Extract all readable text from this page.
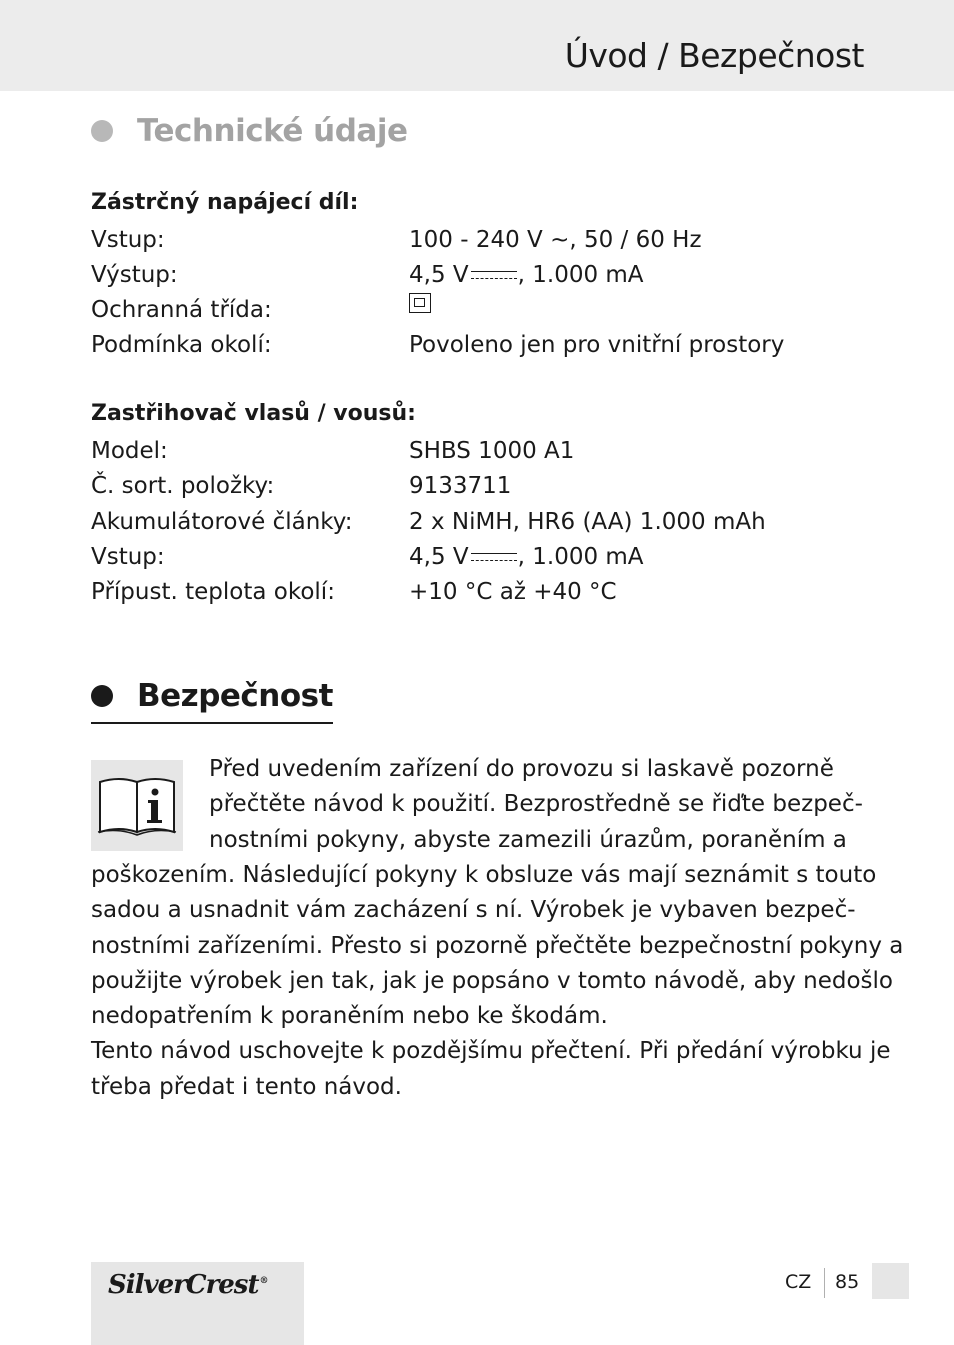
Úvod / Bezpečnost
Technické údaje
Zástrčný napájecí díl:
Vstup:	100 - 240 V ~, 50 / 60 Hz
Výstup:	4,5 V , 1.000 mA
Ochranná třída:
Podmínka okolí:	Povoleno jen pro vnitřní prostory
Zastřihovač vlasů / vousů:
Model:	SHBS 1000 A1
Č. sort. položky:	9133711
Akumulátorové články: 2 x NiMH, HR6 (AA) 1.000 mAh
Vstup:	4,5 V , 1.000 mA
Přípust. teplota okolí:	+10 °C až +40 °C
Bezpečnost
Před uvedením zařízení do provozu si laskavě pozorně
přečtěte návod k použití. Bezprostředně se řiďte bezpeč-
nostními pokyny, abyste zamezili úrazům, poraněním a
poškozením. Následující pokyny k obsluze vás mají seznámit s touto
sadou a usnadnit vám zacházení s ní. Výrobek je vybaven bezpeč-
nostními zařízeními. Přesto si pozorně přečtěte bezpečnostní pokyny a
použijte výrobek jen tak, jak je popsáno v tomto návodě, aby nedošlo
nedopatřením k poraněním nebo ke škodám.
Tento návod uschovejte k pozdějšímu přečtení. Při předání výrobku je
třeba předat i tento návod.
SilverCrest®	CZ 85
